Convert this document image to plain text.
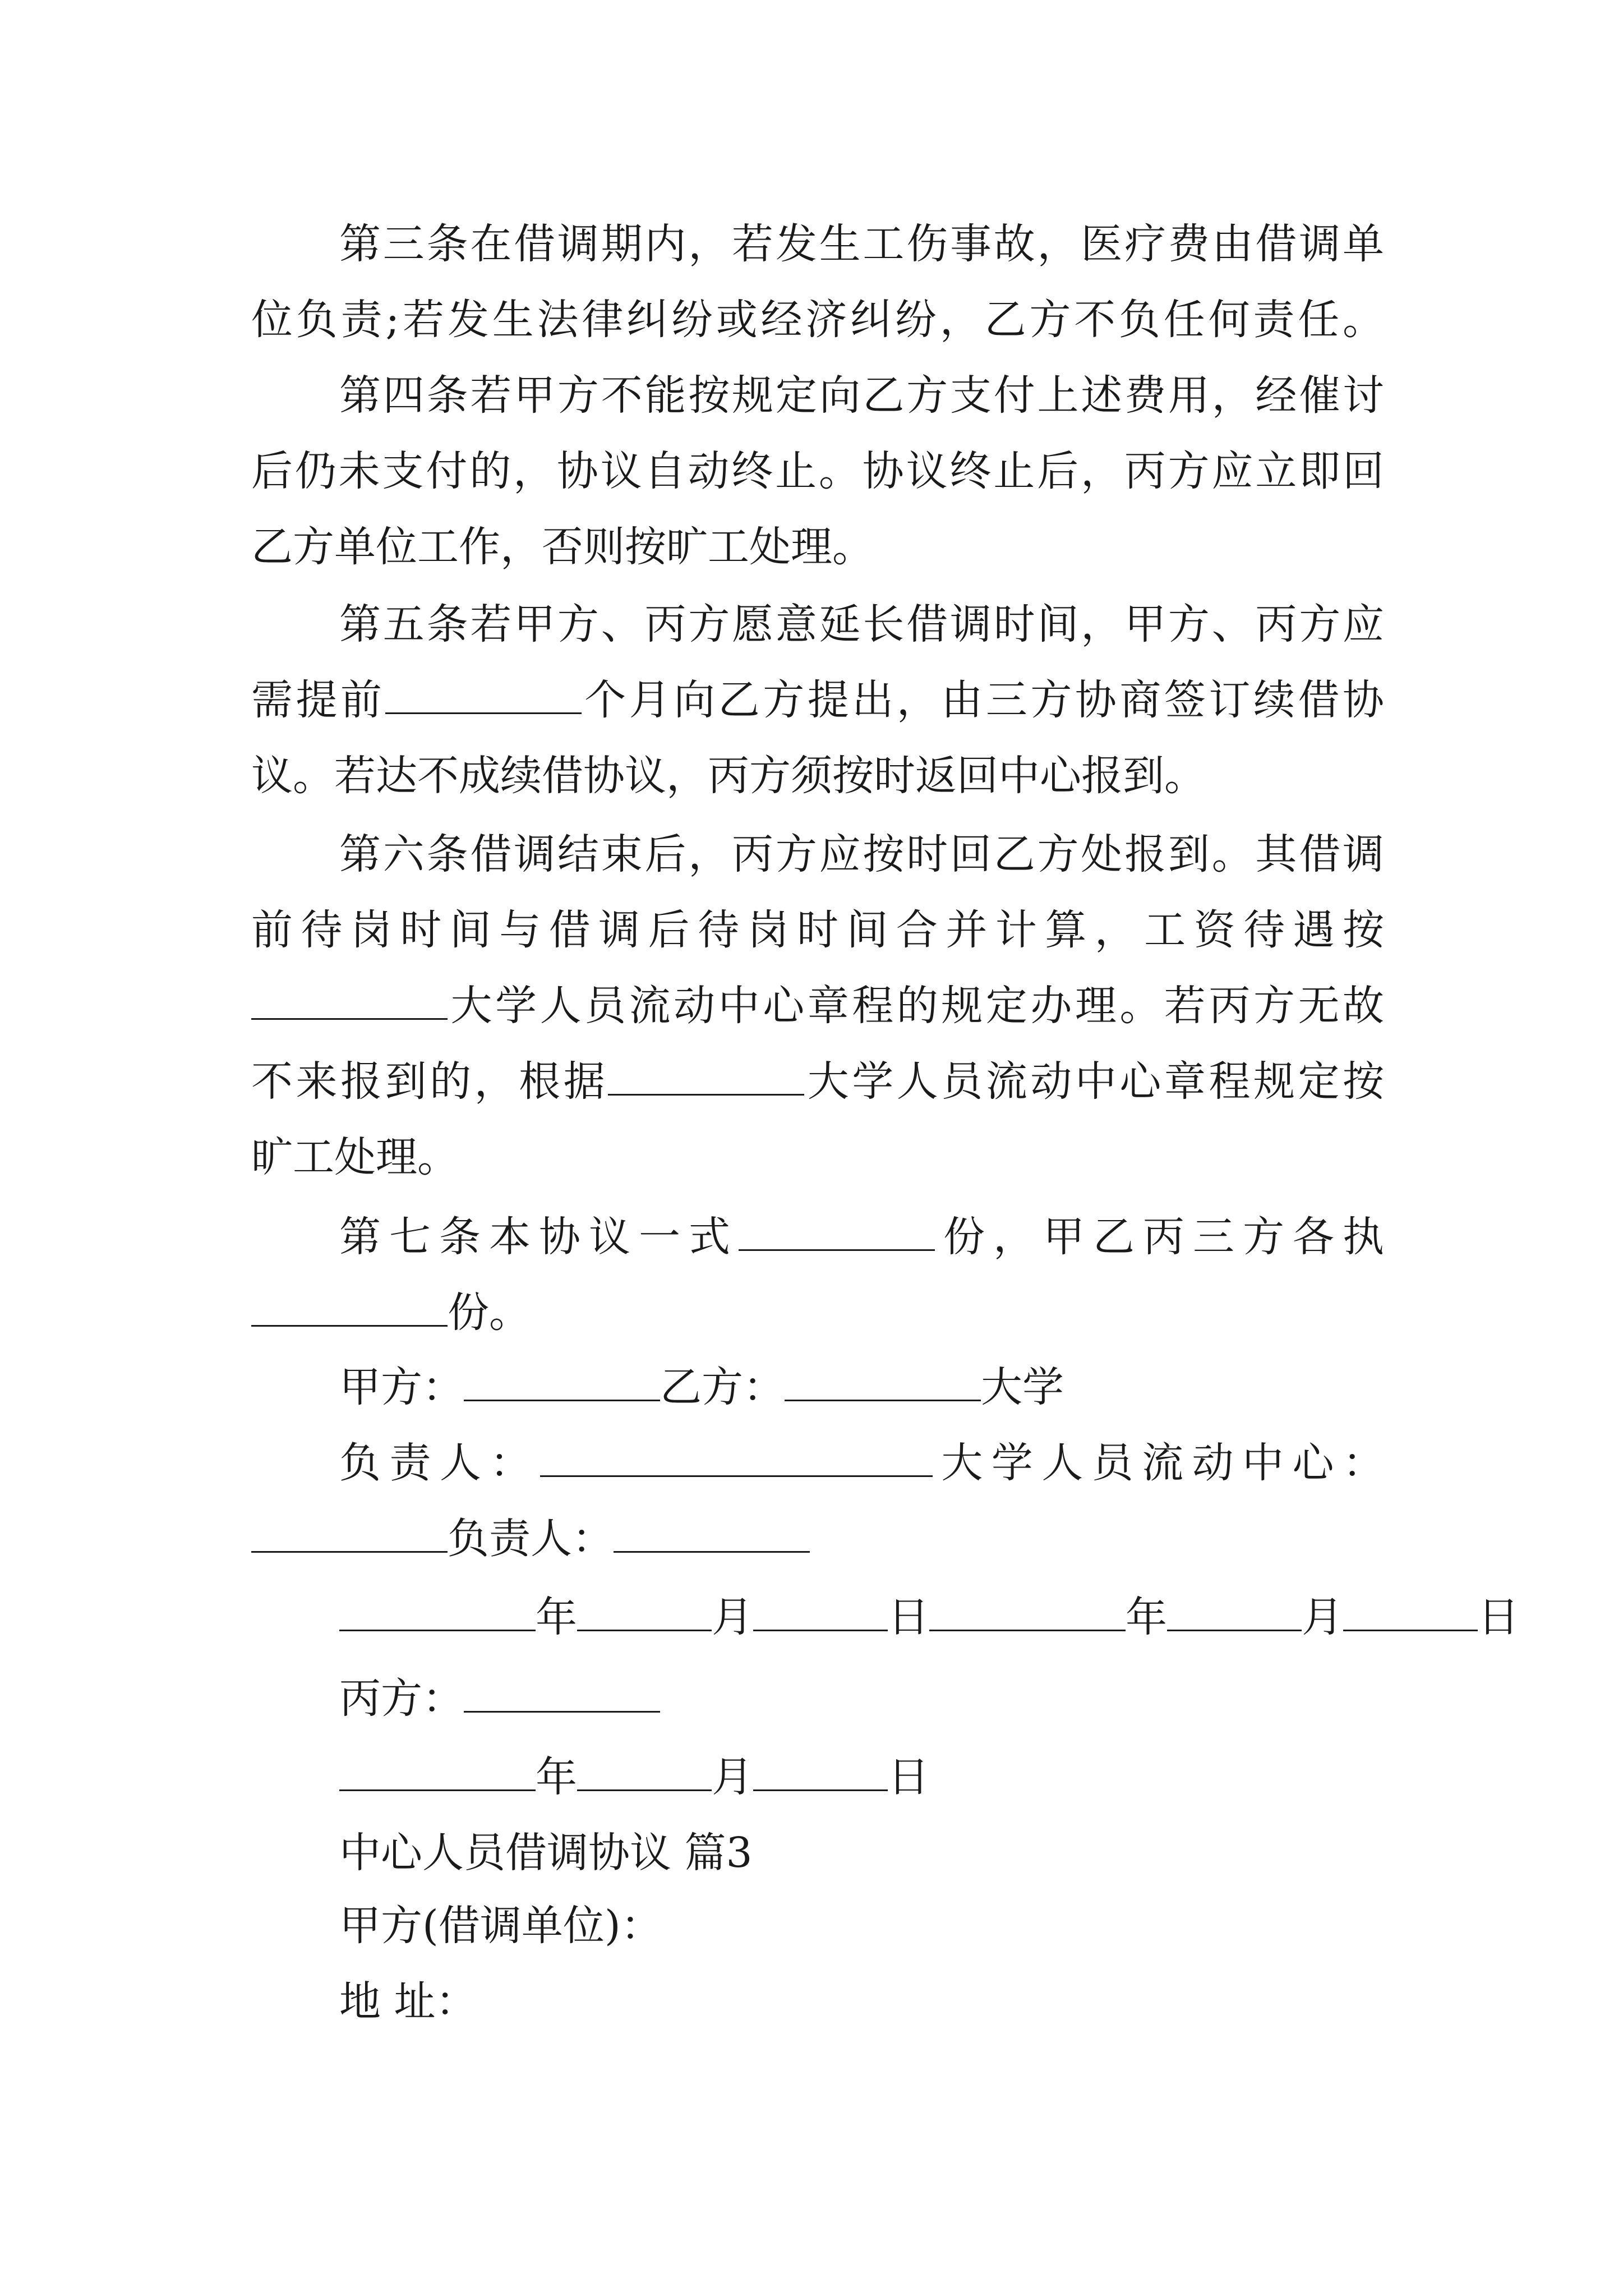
第三条在借调期内，若发生工伤事故，医疗费由借调单
位负责;若发生法律纠纷或经济纠纷，乙方不负任何责任。
第四条若甲方不能按规定向乙方支付上述费用，经催讨
后仍未支付的，协议自动终止。协议终止后，丙方应立即回
乙方单位工作，否则按旷工处理。
第五条若甲方、丙方愿意延长借调时间，甲方、丙方应
需提前	个月向乙方提出，由三方协商签订续借协
议。若达不成续借协议，丙方须按时返回中心报到。
第六条借调结束后，丙方应按时回乙方处报到。其借调
前待岗时间与借调后待岗时间合并计算，工资待遇按
大学人员流动中心章程的规定办理。若丙方无故
不来报到的，根据	大学人员流动中心章程规定按
旷工处理。
第七条本协议一式	份，甲乙丙三方各执
份。
甲方：	乙方：	大学
负责人：	大学人员流动中心：
负责人：
年	月	日	年	月	日
丙方：
年	月	日
中心人员借调协议 篇3
甲方(借调单位)：
地 址：
